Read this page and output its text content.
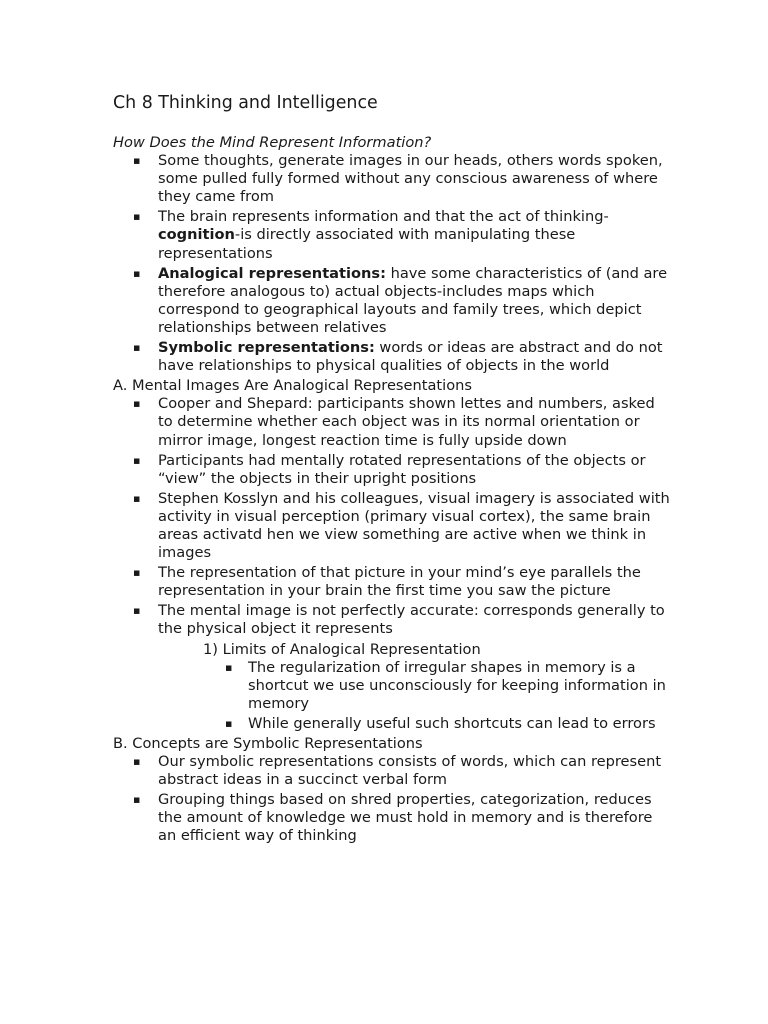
Ch 8 Thinking and Intelligence

How Does the Mind Represent Information?

▪ Some thoughts, generate images in our heads, others words spoken, some pulled fully formed without any conscious awareness of where they came from
▪ The brain represents information and that the act of thinking-cognition-is directly associated with manipulating these representations
▪ Analogical representations: have some characteristics of (and are therefore analogous to) actual objects-includes maps which correspond to geographical layouts and family trees, which depict relationships between relatives
▪ Symbolic representations: words or ideas are abstract and do not have relationships to physical qualities of objects in the world

A. Mental Images Are Analogical Representations

▪ Cooper and Shepard: participants shown lettes and numbers, asked to determine whether each object was in its normal orientation or mirror image, longest reaction time is fully upside down
▪ Participants had mentally rotated representations of the objects or “view” the objects in their upright positions
▪ Stephen Kosslyn and his colleagues, visual imagery is associated with activity in visual perception (primary visual cortex), the same brain areas activatd hen we view something are active when we think in images
▪ The representation of that picture in your mind’s eye parallels the representation in your brain the first time you saw the picture
▪ The mental image is not perfectly accurate: corresponds generally to the physical object it represents

1) Limits of Analogical Representation

▪ The regularization of irregular shapes in memory is a shortcut we use unconsciously for keeping information in memory
▪ While generally useful such shortcuts can lead to errors

B. Concepts are Symbolic Representations

▪ Our symbolic representations consists of words, which can represent abstract ideas in a succinct verbal form
▪ Grouping things based on shred properties, categorization, reduces the amount of knowledge we must hold in memory and is therefore an efficient way of thinking
